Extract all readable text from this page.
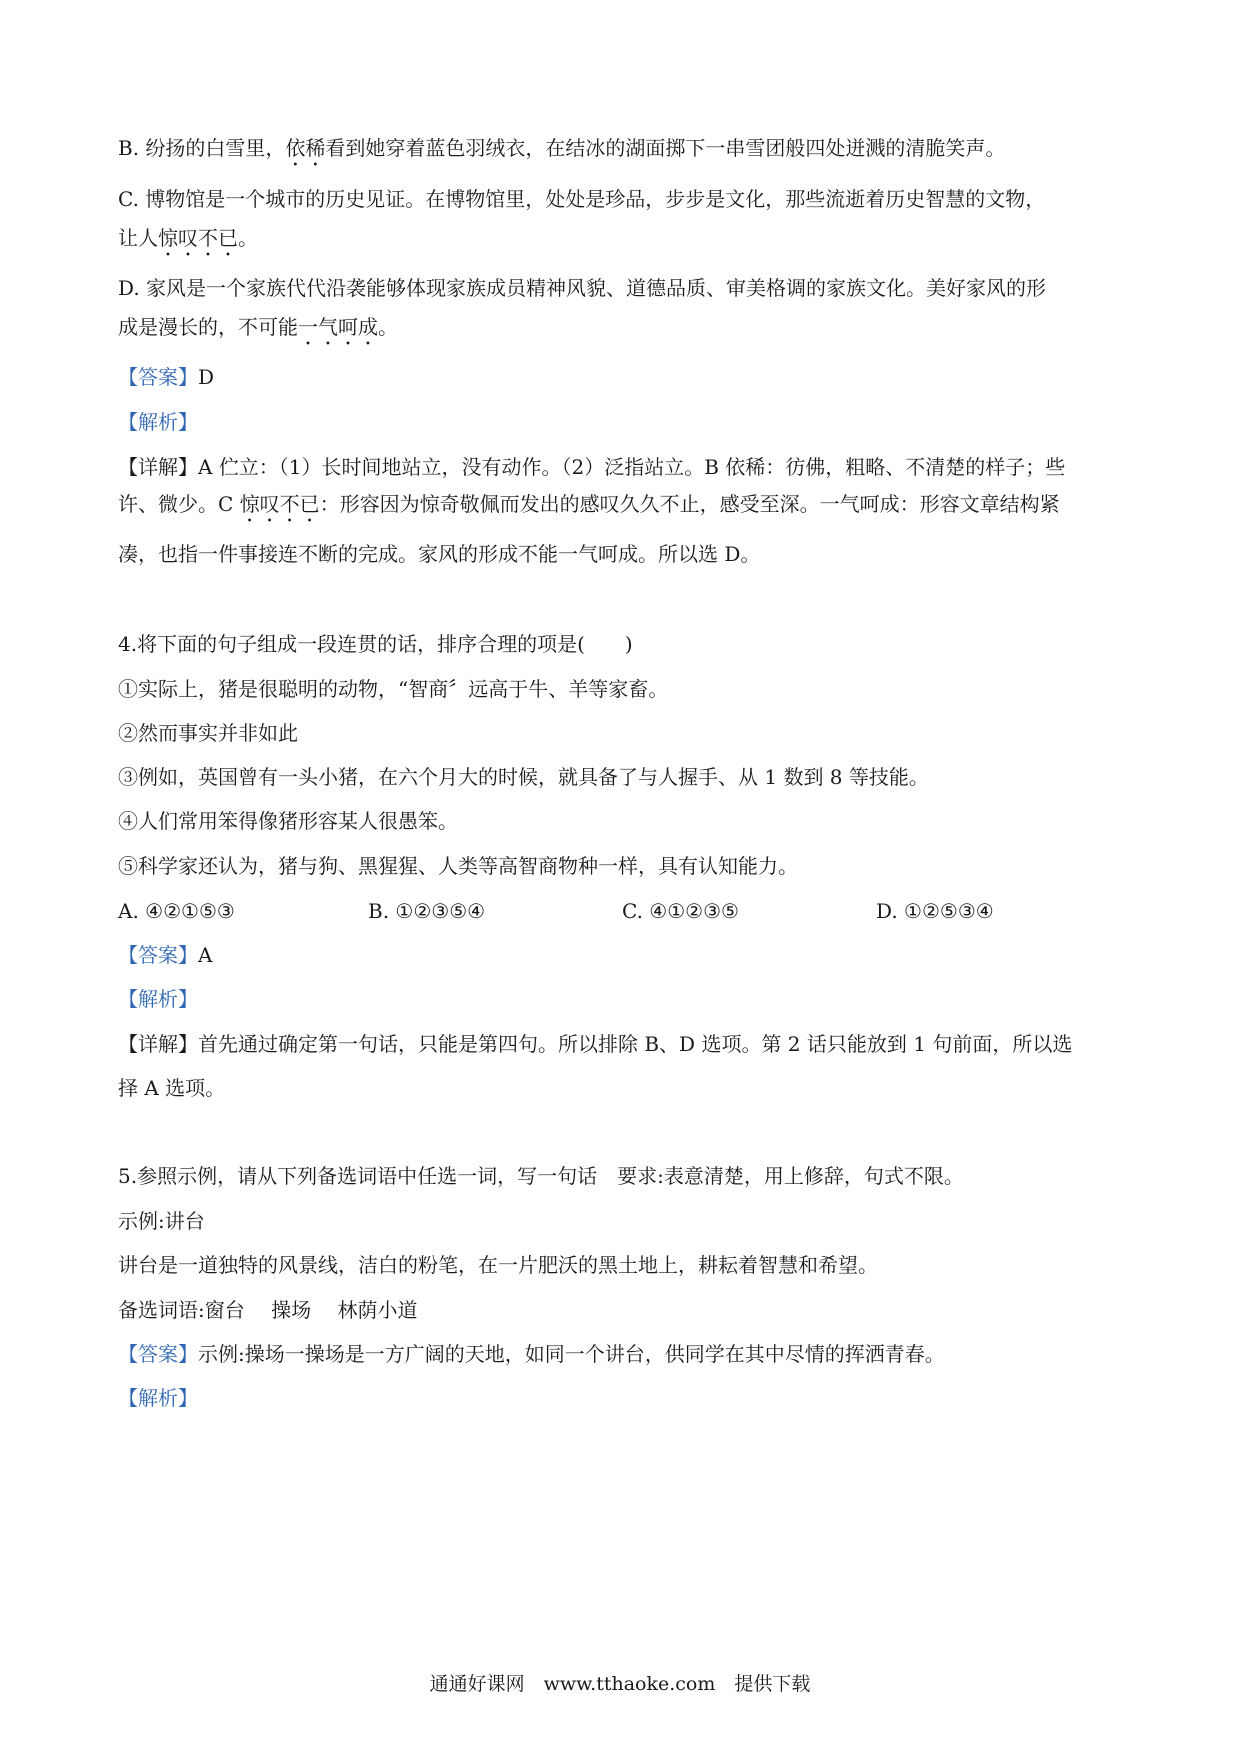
B. 纷扬的白雪里，依稀看到她穿着蓝色羽绒衣，在结冰的湖面掷下一串雪团般四处迸溅的清脆笑声。
C. 博物馆是一个城市的历史见证。在博物馆里，处处是珍品，步步是文化，那些流逝着历史智慧的文物，
让人惊叹不已。
D. 家风是一个家族代代沿袭能够体现家族成员精神风貌、道德品质、审美格调的家族文化。美好家风的形
成是漫长的，不可能一气呵成。
【答案】D
【解析】
【详解】A 伫立：（1）长时间地站立，没有动作。（2）泛指站立。B 依稀：彷佛，粗略、不清楚的样子；些
许、微少。C 惊叹不已：形容因为惊奇敬佩而发出的感叹久久不止，感受至深。一气呵成：形容文章结构紧
凑，也指一件事接连不断的完成。家风的形成不能一气呵成。所以选 D。
4.将下面的句子组成一段连贯的话，排序合理的项是(　　)
①实际上，猪是很聪明的动物，“智商〞远高于牛、羊等家畜。
②然而事实并非如此
③例如，英国曾有一头小猪，在六个月大的时候，就具备了与人握手、从 1 数到 8 等技能。
④人们常用笨得像猪形容某人很愚笨。
⑤科学家还认为，猪与狗、黑猩猩、人类等高智商物种一样，具有认知能力。
A. ④②①⑤③	B. ①②③⑤④	C. ④①②③⑤	D. ①②⑤③④
【答案】A
【解析】
【详解】首先通过确定第一句话，只能是第四句。所以排除 B、D 选项。第 2 话只能放到 1 句前面，所以选
择 A 选项。
5.参照示例，请从下列备选词语中任选一词，写一句话　要求:表意清楚，用上修辞，句式不限。
示例:讲台
讲台是一道独特的风景线，洁白的粉笔，在一片肥沃的黑土地上，耕耘着智慧和希望。
备选词语:窗台　 操场　 林荫小道
【答案】示例:操场一操场是一方广阔的天地，如同一个讲台，供同学在其中尽情的挥洒青春。
【解析】
通通好课网　www.tthaoke.com　提供下载
